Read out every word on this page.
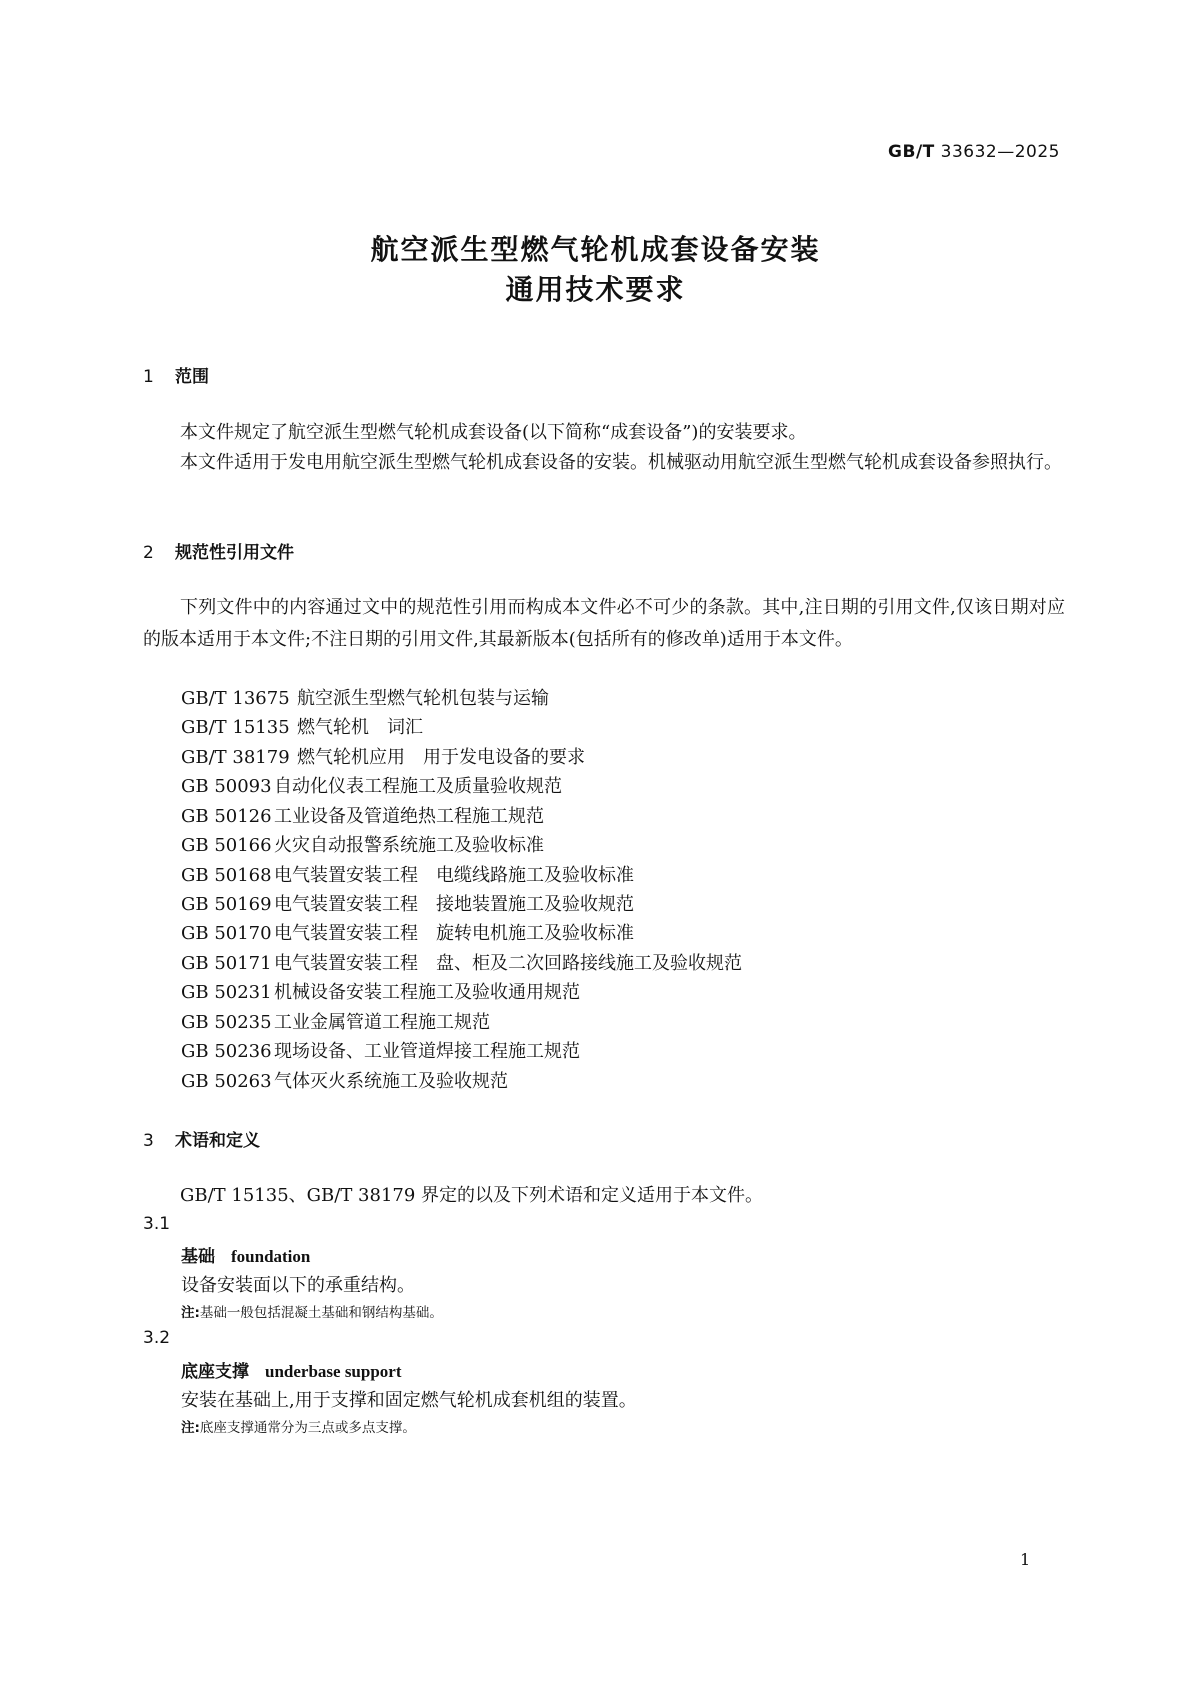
GB/T 33632—2025
航空派生型燃气轮机成套设备安装
通用技术要求
1 范围
本文件规定了航空派生型燃气轮机成套设备(以下简称“成套设备”)的安装要求。
本文件适用于发电用航空派生型燃气轮机成套设备的安装。机械驱动用航空派生型燃气轮机成套设备参照执行。
2 规范性引用文件
下列文件中的内容通过文中的规范性引用而构成本文件必不可少的条款。其中,注日期的引用文件,仅该日期对应的版本适用于本文件;不注日期的引用文件,其最新版本(包括所有的修改单)适用于本文件。
GB/T 13675 航空派生型燃气轮机包装与运输
GB/T 15135 燃气轮机　词汇
GB/T 38179 燃气轮机应用　用于发电设备的要求
GB 50093 自动化仪表工程施工及质量验收规范
GB 50126 工业设备及管道绝热工程施工规范
GB 50166 火灾自动报警系统施工及验收标准
GB 50168 电气装置安装工程　电缆线路施工及验收标准
GB 50169 电气装置安装工程　接地装置施工及验收规范
GB 50170 电气装置安装工程　旋转电机施工及验收标准
GB 50171 电气装置安装工程　盘、柜及二次回路接线施工及验收规范
GB 50231 机械设备安装工程施工及验收通用规范
GB 50235 工业金属管道工程施工规范
GB 50236 现场设备、工业管道焊接工程施工规范
GB 50263 气体灭火系统施工及验收规范
3 术语和定义
GB/T 15135、GB/T 38179 界定的以及下列术语和定义适用于本文件。
3.1
基础 foundation
设备安装面以下的承重结构。
注:基础一般包括混凝土基础和钢结构基础。
3.2
底座支撑 underbase support
安装在基础上,用于支撑和固定燃气轮机成套机组的装置。
注:底座支撑通常分为三点或多点支撑。
1
